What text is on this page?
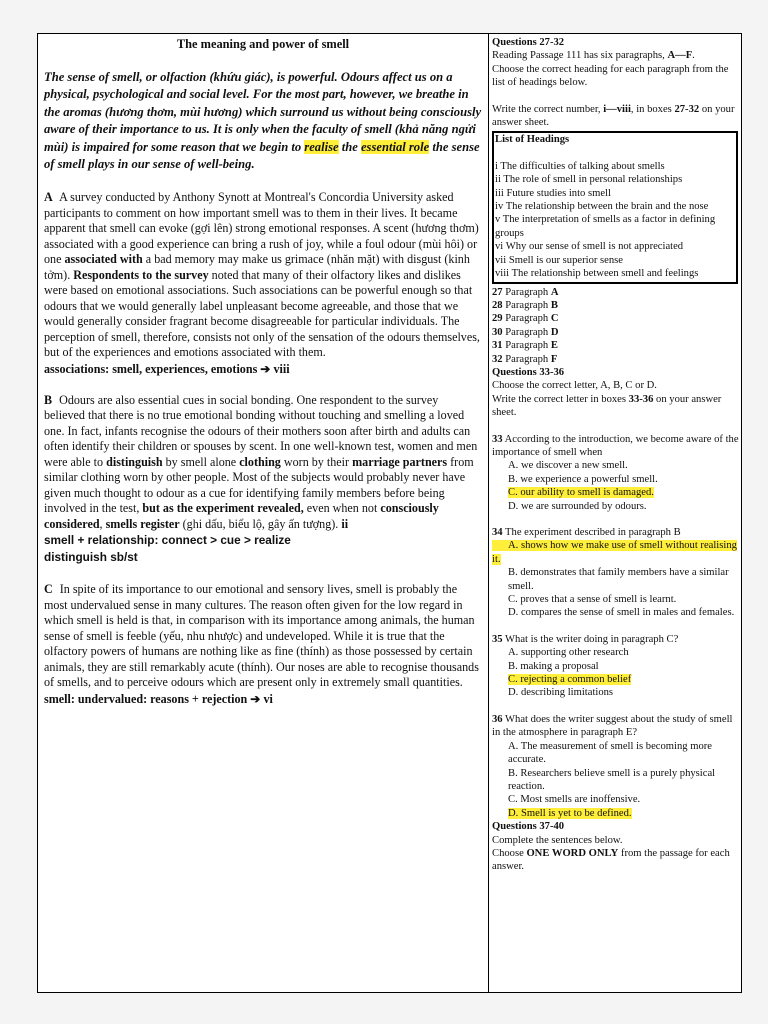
The meaning and power of smell

The sense of smell, or olfaction (khứu giác), is powerful. Odours affect us on a physical, psychological and social level. For the most part, however, we breathe in the aromas (hương thơm, mùi hương) which surround us without being consciously aware of their importance to us. It is only when the faculty of smell (khả năng ngửi mùi) is impaired for some reason that we begin to realise the essential role the sense of smell plays in our sense of well-being.

A A survey conducted by Anthony Synott at Montreal's Concordia University asked participants to comment on how important smell was to them in their lives. It became apparent that smell can evoke (gợi lên) strong emotional responses. A scent (hương thơm) associated with a good experience can bring a rush of joy, while a foul odour (mùi hôi) or one associated with a bad memory may make us grimace (nhăn mặt) with disgust (kinh tởm). Respondents to the survey noted that many of their olfactory likes and dislikes were based on emotional associations. Such associations can be powerful enough so that odours that we would generally label unpleasant become agreeable, and those that we would generally consider fragrant become disagreeable for particular individuals. The perception of smell, therefore, consists not only of the sensation of the odours themselves, but of the experiences and emotions associated with them.

associations: smell, experiences, emotions ➔ viii

B Odours are also essential cues in social bonding. One respondent to the survey believed that there is no true emotional bonding without touching and smelling a loved one. In fact, infants recognise the odours of their mothers soon after birth and adults can often identify their children or spouses by scent. In one well-known test, women and men were able to distinguish by smell alone clothing worn by their marriage partners from similar clothing worn by other people. Most of the subjects would probably never have given much thought to odour as a cue for identifying family members before being involved in the test, but as the experiment revealed, even when not consciously considered, smells register (ghi dấu, biểu lộ, gây ấn tượng). ii

smell + relationship: connect > cue > realize
distinguish sb/st

C In spite of its importance to our emotional and sensory lives, smell is probably the most undervalued sense in many cultures. The reason often given for the low regard in which smell is held is that, in comparison with its importance among animals, the human sense of smell is feeble (yếu, nhu nhược) and undeveloped. While it is true that the olfactory powers of humans are nothing like as fine (thính) as those possessed by certain animals, they are still remarkably acute (thính). Our noses are able to recognise thousands of smells, and to perceive odours which are present only in extremely small quantities.

smell: undervalued: reasons + rejection ➔ vi
Questions 27-32
Reading Passage 111 has six paragraphs, A—F.
Choose the correct heading for each paragraph from the list of headings below.
Write the correct number, i—viii, in boxes 27-32 on your answer sheet.
List of Headings
i The difficulties of talking about smells
ii The role of smell in personal relationships
iii Future studies into smell
iv The relationship between the brain and the nose
v The interpretation of smells as a factor in defining groups
vi Why our sense of smell is not appreciated
vii Smell is our superior sense
viii The relationship between smell and feelings
27 Paragraph A
28 Paragraph B
29 Paragraph C
30 Paragraph D
31 Paragraph E
32 Paragraph F
Questions 33-36
Choose the correct letter, A, B, C or D.
Write the correct letter in boxes 33-36 on your answer sheet.
33 According to the introduction, we become aware of the importance of smell when
A. we discover a new smell.
B. we experience a powerful smell.
C. our ability to smell is damaged.
D. we are surrounded by odours.
34 The experiment described in paragraph B
A. shows how we make use of smell without realising it.
B. demonstrates that family members have a similar smell.
C. proves that a sense of smell is learnt.
D. compares the sense of smell in males and females.
35 What is the writer doing in paragraph C?
A. supporting other research
B. making a proposal
C. rejecting a common belief
D. describing limitations
36 What does the writer suggest about the study of smell in the atmosphere in paragraph E?
A. The measurement of smell is becoming more accurate.
B. Researchers believe smell is a purely physical reaction.
C. Most smells are inoffensive.
D. Smell is yet to be defined.
Questions 37-40
Complete the sentences below.
Choose ONE WORD ONLY from the passage for each answer.
